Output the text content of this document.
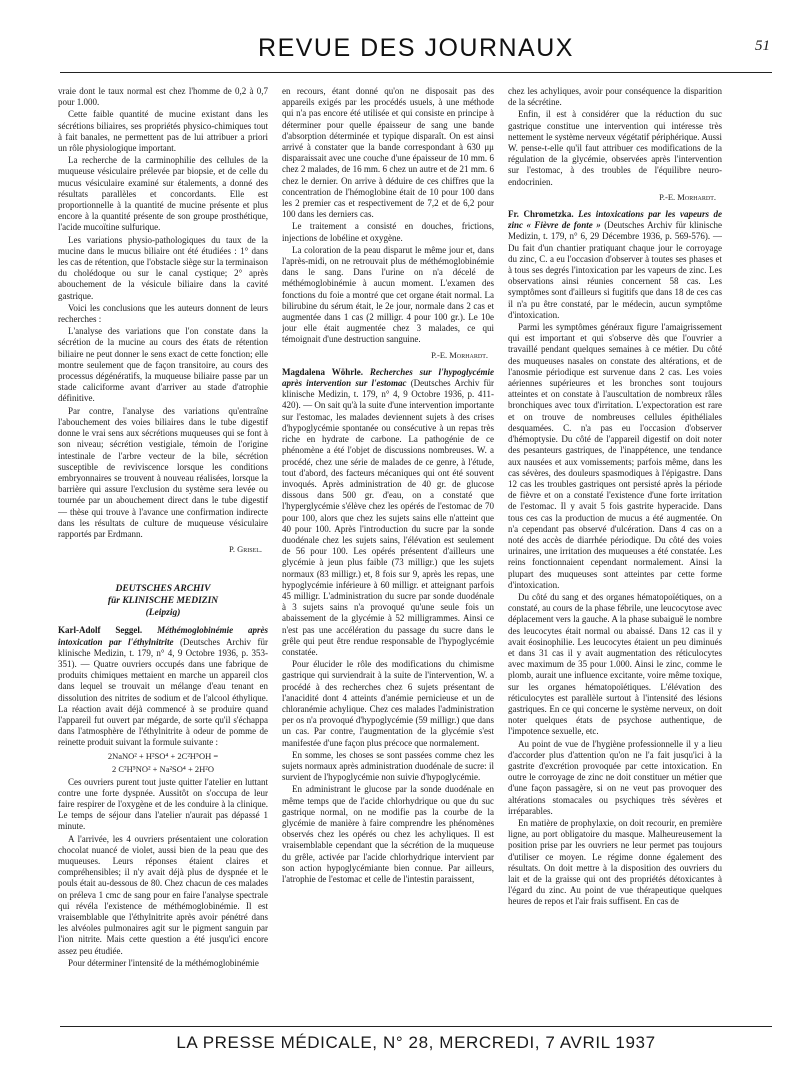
REVUE DES JOURNAUX	51

vraie dont le taux normal est chez l'homme de 0,2 à 0,7 pour 1.000.

Cette faible quantité de mucine existant dans les sécrétions biliaires, ses propriétés physico-chimiques tout à fait banales, ne permettent pas de lui attribuer a priori un rôle physiologique important.

La recherche de la carminophilie des cellules de la muqueuse vésiculaire prélevée par biopsie, et de celle du mucus vésiculaire examiné sur étalements, a donné des résultats parallèles et concordants. Elle est proportionnelle à la quantité de mucine présente et plus encore à la quantité présente de son groupe prosthétique, l'acide mucoïtine sulfurique.

Les variations physio-pathologiques du taux de la mucine dans le mucus biliaire ont été étudiées : 1° dans les cas de rétention, que l'obstacle siège sur la terminaison du cholédoque ou sur le canal cystique; 2° après abouchement de la vésicule biliaire dans la cavité gastrique.

Voici les conclusions que les auteurs donnent de leurs recherches :

L'analyse des variations que l'on constate dans la sécrétion de la mucine au cours des états de rétention biliaire ne peut donner le sens exact de cette fonction; elle montre seulement que de façon transitoire, au cours des processus dégénératifs, la muqueuse biliaire passe par un stade caliciforme avant d'arriver au stade d'atrophie définitive.

Par contre, l'analyse des variations qu'entraîne l'abouchement des voies biliaires dans le tube digestif donne le vrai sens aux sécrétions muqueuses qui se font à son niveau; sécrétion vestigiale, témoin de l'origine intestinale de l'arbre vecteur de la bile, sécrétion susceptible de reviviscence lorsque les conditions embryonnaires se trouvent à nouveau réalisées, lorsque la barrière qui assure l'exclusion du système sera levée ou tournée par un abouchement direct dans le tube digestif — thèse qui trouve à l'avance une confirmation indirecte dans les résultats de culture de muqueuse vésiculaire rapportés par Erdmann.

P. Grisel.
DEUTSCHES ARCHIV
für KLINISCHE MEDIZIN
(Leipzig)

Karl-Adolf Seggel. Méthémoglobinémie après intoxication par l'éthylnitrite (Deutsches Archiv für klinische Medizin, t. 179, n° 4, 9 Octobre 1936, p. 353-351). — Quatre ouvriers occupés dans une fabrique de produits chimiques mettaient en marche un appareil clos dans lequel se trouvait un mélange d'eau tenant en dissolution des nitrites de sodium et de l'alcool éthylique. La réaction avait déjà commencé à se produire quand l'appareil fut ouvert par mégarde, de sorte qu'il s'échappa dans l'atmosphère de l'éthylnitrite à odeur de pomme de reinette produit suivant la formule suivante :

2NaNO² + H²SO⁴ + 2C²H⁵OH =
2 C²H⁵NO² + Na²SO⁴ + 2H²O

Ces ouvriers purent tout juste quitter l'atelier en luttant contre une forte dyspnée. Aussitôt on s'occupa de leur faire respirer de l'oxygène et de les conduire à la clinique. Le temps de séjour dans l'atelier n'aurait pas dépassé 1 minute.

A l'arrivée, les 4 ouvriers présentaient une coloration chocolat nuancé de violet, aussi bien de la peau que des muqueuses. Leurs réponses étaient claires et compréhensibles; il n'y avait déjà plus de dyspnée et le pouls était au-dessous de 80. Chez chacun de ces malades on préleva 1 cmc de sang pour en faire l'analyse spectrale qui révéla l'existence de méthémoglobinémie. Il est vraisemblable que l'éthylnitrite après avoir pénétré dans les alvéoles pulmonaires agit sur le pigment sanguin par l'ion nitrite. Mais cette question a été jusqu'ici encore assez peu étudiée.

Pour déterminer l'intensité de la méthémoglobinémie

en recours, étant donné qu'on ne disposait pas des appareils exigés par les procédés usuels, à une méthode qui n'a pas encore été utilisée et qui consiste en principe à déterminer pour quelle épaisseur de sang une bande d'absorption déterminée et typique disparaît. On est ainsi arrivé à constater que la bande correspondant à 630 μμ disparaissait avec une couche d'une épaisseur de 10 mm. 6 chez 2 malades, de 16 mm. 6 chez un autre et de 21 mm. 6 chez le dernier. On arrive à déduire de ces chiffres que la concentration de l'hémoglobine était de 10 pour 100 dans les 2 premier cas et respectivement de 7,2 et de 6,2 pour 100 dans les derniers cas.

Le traitement a consisté en douches, frictions, injections de lobéline et oxygène.

La coloration de la peau disparut le même jour et, dans l'après-midi, on ne retrouvait plus de méthémoglobinémie dans le sang. Dans l'urine on n'a décelé de méthémoglobinémie à aucun moment. L'examen des fonctions du foie a montré que cet organe était normal. La bilirubine du sérum était, le 2e jour, normale dans 2 cas et augmentée dans 1 cas (2 milligr. 4 pour 100 gr.). Le 10e jour elle était augmentée chez 3 malades, ce qui témoignait d'une destruction sanguine.

P.-E. Morhardt.

Magdalena Wöhrle. Recherches sur l'hypoglycémie après intervention sur l'estomac (Deutsches Archiv für klinische Medizin, t. 179, n° 4, 9 Octobre 1936, p. 411-420). — On sait qu'à la suite d'une intervention importante sur l'estomac, les malades deviennent sujets à des crises d'hypoglycémie spontanée ou consécutive à un repas très riche en hydrate de carbone. La pathogénie de ce phénomène a été l'objet de discussions nombreuses. W. a procédé, chez une série de malades de ce genre, à l'étude, tout d'abord, des facteurs mécaniques qui ont été souvent invoqués. Après administration de 40 gr. de glucose dissous dans 500 gr. d'eau, on a constaté que l'hyperglycémie s'élève chez les opérés de l'estomac de 70 pour 100, alors que chez les sujets sains elle n'atteint que 40 pour 100. Après l'introduction du sucre par la sonde duodénale chez les sujets sains, l'élévation est seulement de 56 pour 100. Les opérés présentent d'ailleurs une glycémie à jeun plus faible (73 milligr.) que les sujets normaux (83 milligr.) et, 8 fois sur 9, après les repas, une hypoglycémie inférieure à 60 milligr. et atteignant parfois 45 milligr. L'administration du sucre par sonde duodénale à 3 sujets sains n'a provoqué qu'une seule fois un abaissement de la glycémie à 52 milligrammes. Ainsi ce n'est pas une accélération du passage du sucre dans le grêle qui peut être rendue responsable de l'hypoglycémie constatée.

Pour élucider le rôle des modifications du chimisme gastrique qui surviendrait à la suite de l'intervention, W. a procédé à des recherches chez 6 sujets présentant de l'anacidité dont 4 atteints d'anémie pernicieuse et un de chloranémie achylique. Chez ces malades l'administration per os n'a provoqué d'hypoglycémie (59 milligr.) que dans un cas. Par contre, l'augmentation de la glycémie s'est manifestée d'une façon plus précoce que normalement.

En somme, les choses se sont passées comme chez les sujets normaux après administration duodénale de sucre: il survient de l'hypoglycémie non suivie d'hypoglycémie.

En administrant le glucose par la sonde duodénale en même temps que de l'acide chlorhydrique ou que du suc gastrique normal, on ne modifie pas la courbe de la glycémie de manière à faire comprendre les phénomènes observés chez les opérés ou chez les achyliques. Il est vraisemblable cependant que la sécrétion de la muqueuse du grêle, activée par l'acide chlorhydrique intervient par son action hypoglycémiante bien connue. Par ailleurs, l'atrophie de l'estomac et celle de l'intestin paraissent,

chez les achyliques, avoir pour conséquence la disparition de la sécrétine.

Enfin, il est à considérer que la réduction du suc gastrique constitue une intervention qui intéresse très nettement le système nerveux végétatif périphérique. Aussi W. pense-t-elle qu'il faut attribuer ces modifications de la régulation de la glycémie, observées après l'intervention sur l'estomac, à des troubles de l'équilibre neuro-endocrinien.

P.-E. Morhardt.

Fr. Chrometzka. Les intoxications par les vapeurs de zinc « Fièvre de fonte » (Deutsches Archiv für klinische Medizin, t. 179, n° 6, 29 Décembre 1936, p. 569-576). — Du fait d'un chantier pratiquant chaque jour le corroyage du zinc, C. a eu l'occasion d'observer à toutes ses phases et à tous ses degrés l'intoxication par les vapeurs de zinc. Les observations ainsi réunies concernent 58 cas. Les symptômes sont d'ailleurs si fugitifs que dans 18 de ces cas il n'a pu être constaté, par le médecin, aucun symptôme d'intoxication.

Parmi les symptômes généraux figure l'amaigrissement qui est important et qui s'observe dès que l'ouvrier a travaillé pendant quelques semaines à ce métier. Du côté des muqueuses nasales on constate des altérations, et de l'anosmie périodique est survenue dans 2 cas. Les voies aériennes supérieures et les bronches sont toujours atteintes et on constate à l'auscultation de nombreux râles bronchiques avec toux d'irritation. L'expectoration est rare et on trouve de nombreuses cellules épithéliales desquamées. C. n'a pas eu l'occasion d'observer d'hémoptysie. Du côté de l'appareil digestif on doit noter des pesanteurs gastriques, de l'inappétence, une tendance aux nausées et aux vomissements; parfois même, dans les cas sévères, des douleurs spasmodiques à l'épigastre. Dans 12 cas les troubles gastriques ont persisté après la période de fièvre et on a constaté l'existence d'une forte irritation de l'estomac. Il y avait 5 fois gastrite hyperacide. Dans tous ces cas la production de mucus a été augmentée. On n'a cependant pas observé d'ulcération. Dans 4 cas on a noté des accès de diarrhée périodique. Du côté des voies urinaires, une irritation des muqueuses a été constatée. Les reins fonctionnaient cependant normalement. Ainsi la plupart des muqueuses sont atteintes par cette forme d'intoxication.

Du côté du sang et des organes hématopoïétiques, on a constaté, au cours de la phase fébrile, une leucocytose avec déplacement vers la gauche. A la phase subaiguë le nombre des leucocytes était normal ou abaissé. Dans 12 cas il y avait éosinophilie. Les leucocytes étaient un peu diminués et dans 31 cas il y avait augmentation des réticulocytes avec maximum de 35 pour 1.000. Ainsi le zinc, comme le plomb, aurait une influence excitante, voire même toxique, sur les organes hématopoïétiques. L'élévation des réticulocytes est parallèle surtout à l'intensité des lésions gastriques. En ce qui concerne le système nerveux, on doit noter quelques états de psychose authentique, de l'impotence sexuelle, etc.

Au point de vue de l'hygiène professionnelle il y a lieu d'accorder plus d'attention qu'on ne l'a fait jusqu'ici à la gastrite d'excrétion provoquée par cette intoxication. En outre le corroyage de zinc ne doit constituer un métier que d'une façon passagère, si on ne veut pas provoquer des altérations stomacales ou psychiques très sévères et irréparables.

En matière de prophylaxie, on doit recourir, en première ligne, au port obligatoire du masque. Malheureusement la position prise par les ouvriers ne leur permet pas toujours d'utiliser ce moyen. Le régime donne également des résultats. On doit mettre à la disposition des ouvriers du lait et de la graisse qui ont des propriétés détoxicantes à l'égard du zinc. Au point de vue thérapeutique quelques heures de repos et l'air frais suffisent. En cas de

LA PRESSE MÉDICALE, N° 28, MERCREDI, 7 AVRIL 1937
